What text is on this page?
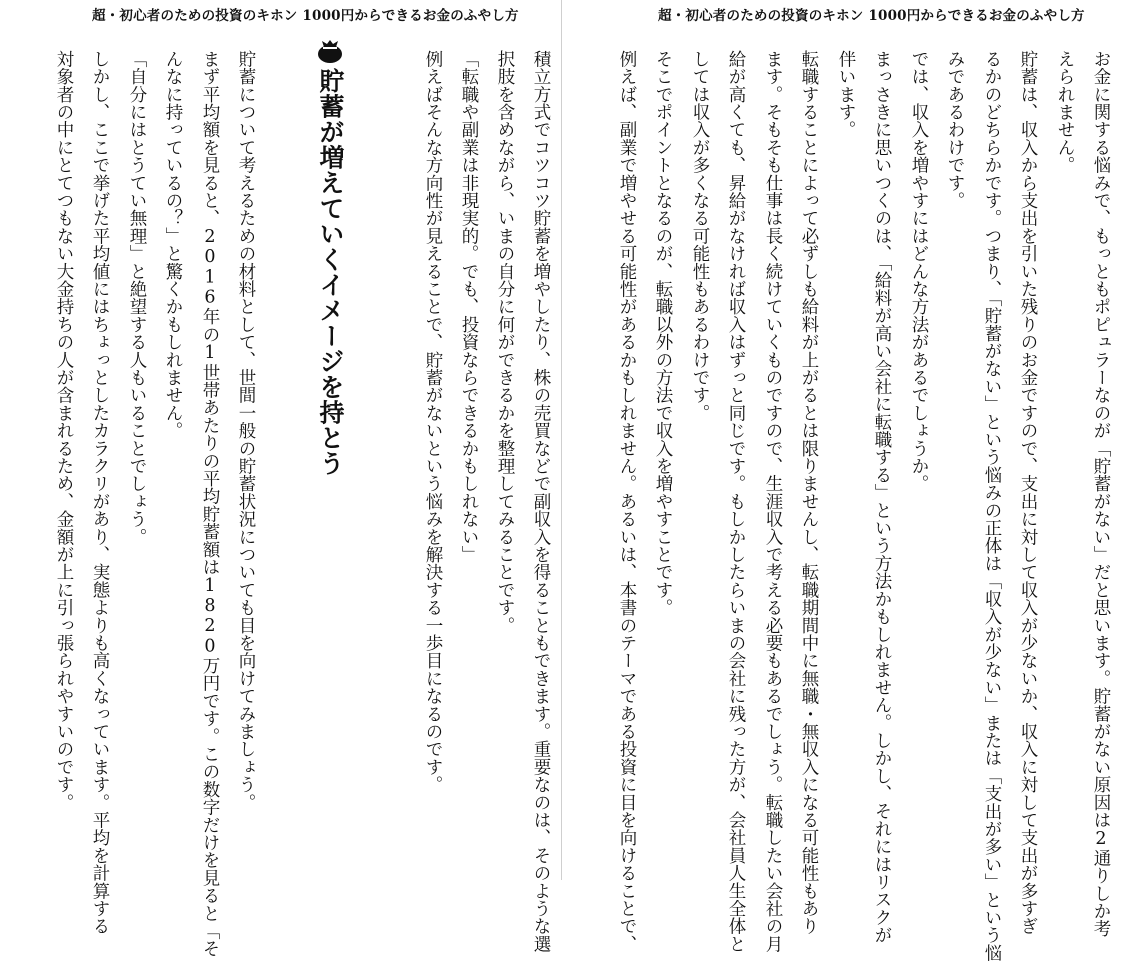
超・初心者のための投資のキホン 1000円からできるお金のふやし方	超・初心者のための投資のキホン 1000円からできるお金のふやし方
お金に関する悩みで、もっともポピュラーなのが「貯蓄がない」だと思います。貯蓄がない原因は2通りしか考
えられません。
貯蓄は、収入から支出を引いた残りのお金ですので、支出に対して収入が少ないか、収入に対して支出が多すぎ
るかのどちらかです。つまり、「貯蓄がない」という悩みの正体は「収入が少ない」または「支出が多い」という悩
みであるわけです。
では、収入を増やすにはどんな方法があるでしょうか。
まっさきに思いつくのは、「給料が高い会社に転職する」という方法かもしれません。しかし、それにはリスクが
伴います。
転職することによって必ずしも給料が上がるとは限りませんし、転職期間中に無職・無収入になる可能性もあり
ます。そもそも仕事は長く続けていくものですので、生涯収入で考える必要もあるでしょう。転職したい会社の月
給が高くても、昇給がなければ収入はずっと同じです。もしかしたらいまの会社に残った方が、会社員人生全体と
しては収入が多くなる可能性もあるわけです。
そこでポイントとなるのが、転職以外の方法で収入を増やすことです。
例えば、副業で増やせる可能性があるかもしれません。あるいは、本書のテーマである投資に目を向けることで、
積立方式でコツコツ貯蓄を増やしたり、株の売買などで副収入を得ることもできます。重要なのは、そのような選
択肢を含めながら、いまの自分に何ができるかを整理してみることです。
「転職や副業は非現実的。でも、投資ならできるかもしれない」
例えばそんな方向性が見えることで、貯蓄がないという悩みを解決する一歩目になるのです。
貯蓄が増えていくイメージを持とう
貯蓄について考えるための材料として、世間一般の貯蓄状況についても目を向けてみましょう。
まず平均額を見ると、2016年の1世帯あたりの平均貯蓄額は1820万円です。この数字だけを見ると「そ
んなに持っているの？」と驚くかもしれません。
「自分にはとうてい無理」と絶望する人もいることでしょう。
しかし、ここで挙げた平均値にはちょっとしたカラクリがあり、実態よりも高くなっています。平均を計算する
対象者の中にとてつもない大金持ちの人が含まれるため、金額が上に引っ張られやすいのです。
